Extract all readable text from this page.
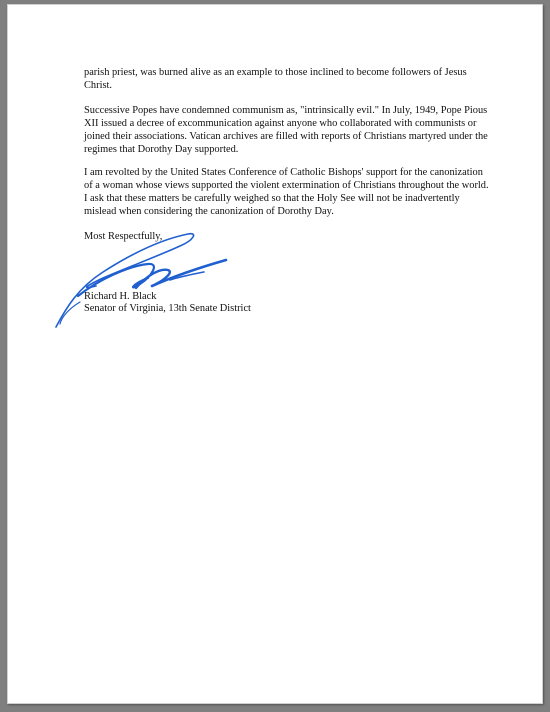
parish priest, was burned alive as an example to those inclined to become followers of Jesus Christ.

Successive Popes have condemned communism as, "intrinsically evil." In July, 1949, Pope Pious XII issued a decree of excommunication against anyone who collaborated with communists or joined their associations. Vatican archives are filled with reports of Christians martyred under the regimes that Dorothy Day supported.

I am revolted by the United States Conference of Catholic Bishops' support for the canonization of a woman whose views supported the violent extermination of Christians throughout the world. I ask that these matters be carefully weighed so that the Holy See will not be inadvertently mislead when considering the canonization of Dorothy Day.

Most Respectfully,

Richard H. Black

Senator of Virginia, 13th Senate District
